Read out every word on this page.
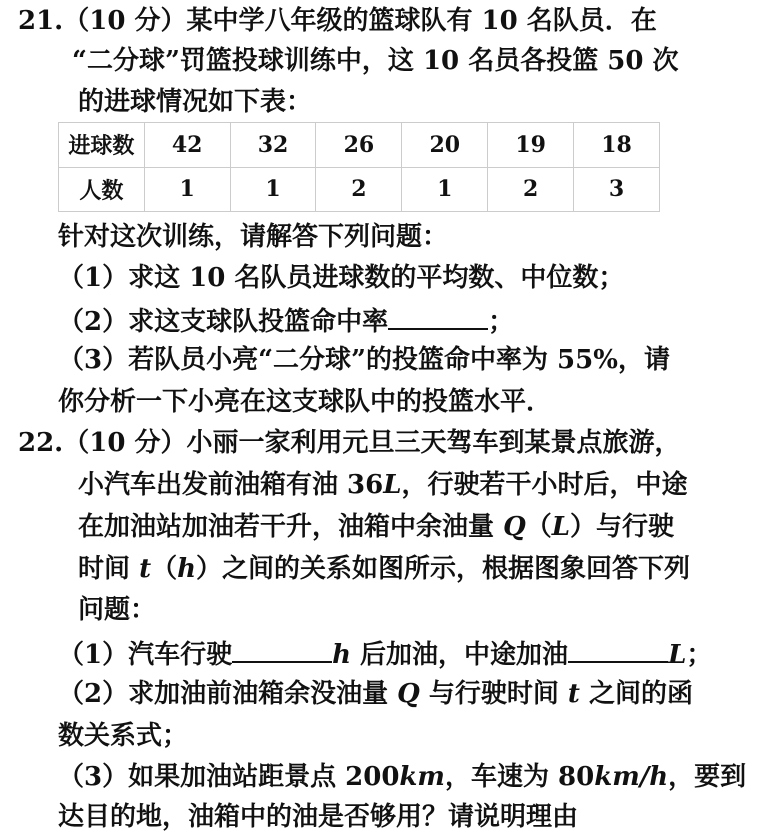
21.（10 分）某中学八年级的篮球队有 10 名队员．在
“二分球”罚篮投球训练中，这 10 名员各投篮 50 次
的进球情况如下表：
进球数	42	32	26	20	19	18
人数	1	1	2	1	2	3
针对这次训练，请解答下列问题：
（1）求这 10 名队员进球数的平均数、中位数；
（2）求这支球队投篮命中率	；
（3）若队员小亮“二分球”的投篮命中率为 55%，请
你分析一下小亮在这支球队中的投篮水平．
22.（10 分）小丽一家利用元旦三天驾车到某景点旅游，
小汽车出发前油箱有油 36L，行驶若干小时后，中途
在加油站加油若干升，油箱中余油量 Q（L）与行驶
时间 t（h）之间的关系如图所示，根据图象回答下列
问题：
（1）汽车行驶	h 后加油，中途加油	L；
（2）求加油前油箱余没油量 Q 与行驶时间 t 之间的函
数关系式；
（3）如果加油站距景点 200km，车速为 80km/h，要到
达目的地，油箱中的油是否够用？请说明理由
